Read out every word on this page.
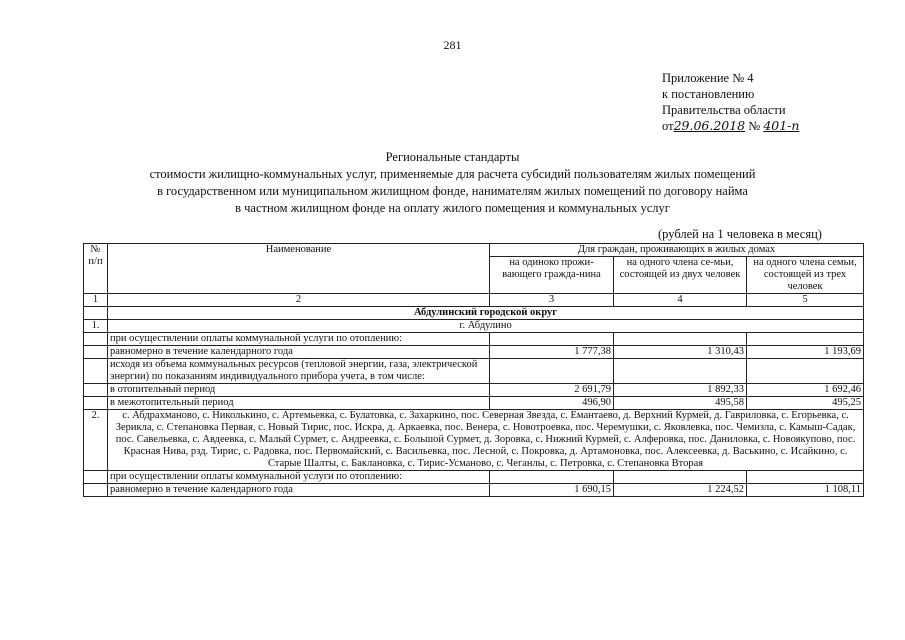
281
Приложение № 4
к постановлению
Правительства области
от29.06.2018 № 401-п
Региональные стандарты
стоимости жилищно-коммунальных услуг, применяемые для расчета субсидий пользователям жилых помещений
в государственном или муниципальном жилищном фонде, нанимателям жилых помещений по договору найма
в частном жилищном фонде на оплату жилого помещения и коммунальных услуг
(рублей на 1 человека в месяц)
№ п/п	Наименование	Для граждан, проживающих в жилых домах		
		на одиноко прожи-вающего гражда-нина	на одного члена се-мьи, состоящей из двух человек	на одного члена семьи, состоящей из трех человек
1	2	3	4	5
	Абдулинский городской округ			
1.	г. Абдулино			
	при осуществлении оплаты коммунальной услуги по отоплению:			
	равномерно в течение календарного года	1 777,38	1 310,43	1 193,69
	исходя из объема коммунальных ресурсов (тепловой энергии, газа, электрической энергии) по показаниям индивидуального прибора учета, в том числе:			
	в отопительный период	2 691,79	1 892,33	1 692,46
	в межотопительный период	496,90	495,58	495,25
2.	с. Абдрахманово, с. Николькино, с. Артемьевка, с. Булатовка, с. Захаркино, пос. Северная Звезда, с. Емантаево, д. Верхний Курмей, д. Гавриловка, с. Егорьевка, с. Зерикла, с. Степановка Первая, с. Новый Тирис, пос. Искра, д. Аркаевка, пос. Венера, с. Новотроевка, пос. Черемушки, с. Яковлевка, пос. Чемизла, с. Камыш-Садак, пос. Савельевка, с. Авдеевка, с. Малый Сурмет, с. Андреевка, с. Большой Сурмет, д. Зоровка, с. Нижний Курмей, с. Алферовка, пос. Даниловка, с. Новоякупово, пос. Красная Нива, рзд. Тирис, с. Радовка, пос. Первомайский, с. Васильевка, пос. Лесной, с. Покровка, д. Артамоновка, пос. Алексеевка, д. Васькино, с. Исайкино, с. Старые Шалты, с. Баклановка, с. Тирис-Усманово, с. Чеганлы, с. Петровка, с. Степановка Вторая			
	при осуществлении оплаты коммунальной услуги по отоплению:			
	равномерно в течение календарного года	1 690,15	1 224,52	1 108,11
